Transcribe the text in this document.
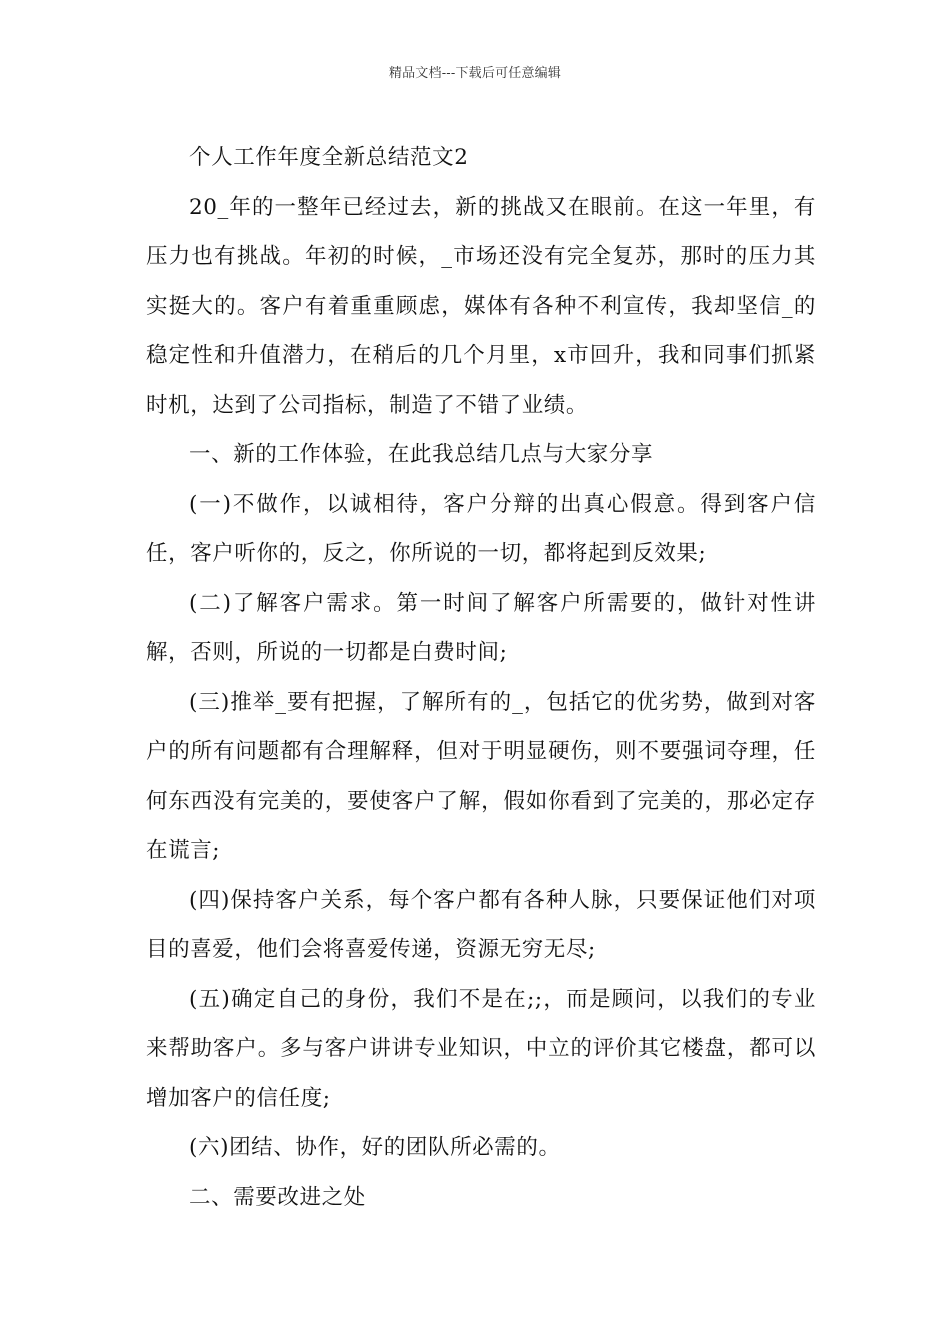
精品文档---下载后可任意编辑

个人工作年度全新总结范文2

20_年的一整年已经过去，新的挑战又在眼前。在这一年里，有压力也有挑战。年初的时候，_市场还没有完全复苏，那时的压力其实挺大的。客户有着重重顾虑，媒体有各种不利宣传，我却坚信_的稳定性和升值潜力，在稍后的几个月里，x市回升，我和同事们抓紧时机，达到了公司指标，制造了不错了业绩。

一、新的工作体验，在此我总结几点与大家分享

(一)不做作，以诚相待，客户分辩的出真心假意。得到客户信任，客户听你的，反之，你所说的一切，都将起到反效果;

(二)了解客户需求。第一时间了解客户所需要的，做针对性讲解，否则，所说的一切都是白费时间;

(三)推举_要有把握，了解所有的_，包括它的优劣势，做到对客户的所有问题都有合理解释，但对于明显硬伤，则不要强词夺理，任何东西没有完美的，要使客户了解，假如你看到了完美的，那必定存在谎言;

(四)保持客户关系，每个客户都有各种人脉，只要保证他们对项目的喜爱，他们会将喜爱传递，资源无穷无尽;

(五)确定自己的身份，我们不是在;;，而是顾问，以我们的专业来帮助客户。多与客户讲讲专业知识，中立的评价其它楼盘，都可以增加客户的信任度;

(六)团结、协作，好的团队所必需的。

二、需要改进之处
